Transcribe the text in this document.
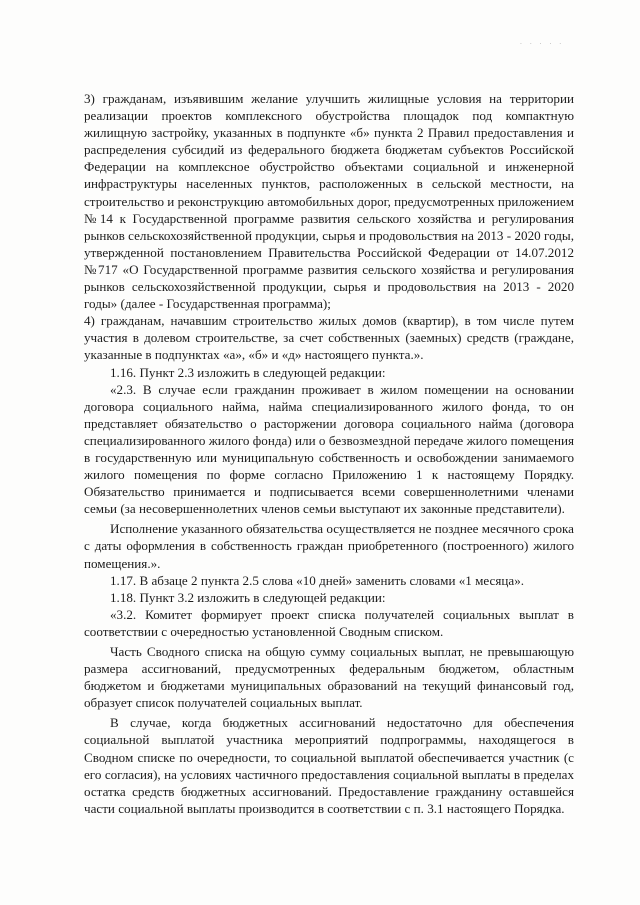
· · · · ·

3) гражданам, изъявившим желание улучшить жилищные условия на территории реализации проектов комплексного обустройства площадок под компактную жилищную застройку, указанных в подпункте «б» пункта 2 Правил предоставления и распределения субсидий из федерального бюджета бюджетам субъектов Российской Федерации на комплексное обустройство объектами социальной и инженерной инфраструктуры населенных пунктов, расположенных в сельской местности, на строительство и реконструкцию автомобильных дорог, предусмотренных приложением №14 к Государственной программе развития сельского хозяйства и регулирования рынков сельскохозяйственной продукции, сырья и продовольствия на 2013 - 2020 годы, утвержденной постановлением Правительства Российской Федерации от 14.07.2012 №717 «О Государственной программе развития сельского хозяйства и регулирования рынков сельскохозяйственной продукции, сырья и продовольствия на 2013 - 2020 годы» (далее - Государственная программа);

4) гражданам, начавшим строительство жилых домов (квартир), в том числе путем участия в долевом строительстве, за счет собственных (заемных) средств (граждане, указанные в подпунктах «а», «б» и «д» настоящего пункта.».

1.16. Пункт 2.3 изложить в следующей редакции:

«2.3. В случае если гражданин проживает в жилом помещении на основании договора социального найма, найма специализированного жилого фонда, то он представляет обязательство о расторжении договора социального найма (договора специализированного жилого фонда) или о безвозмездной передаче жилого помещения в государственную или муниципальную собственность и освобождении занимаемого жилого помещения по форме согласно Приложению 1 к настоящему Порядку. Обязательство принимается и подписывается всеми совершеннолетними членами семьи (за несовершеннолетних членов семьи выступают их законные представители).

Исполнение указанного обязательства осуществляется не позднее месячного срока с даты оформления в собственность граждан приобретенного (построенного) жилого помещения.».

1.17. В абзаце 2 пункта 2.5 слова «10 дней» заменить словами «1 месяца».

1.18. Пункт 3.2 изложить в следующей редакции:

«3.2. Комитет формирует проект списка получателей социальных выплат в соответствии с очередностью установленной Сводным списком.

Часть Сводного списка на общую сумму социальных выплат, не превышающую размера ассигнований, предусмотренных федеральным бюджетом, областным бюджетом и бюджетами муниципальных образований на текущий финансовый год, образует список получателей социальных выплат.

В случае, когда бюджетных ассигнований недостаточно для обеспечения социальной выплатой участника мероприятий подпрограммы, находящегося в Сводном списке по очередности, то социальной выплатой обеспечивается участник (с его согласия), на условиях частичного предоставления социальной выплаты в пределах остатка средств бюджетных ассигнований. Предоставление гражданину оставшейся части социальной выплаты производится в соответствии с п. 3.1 настоящего Порядка.
